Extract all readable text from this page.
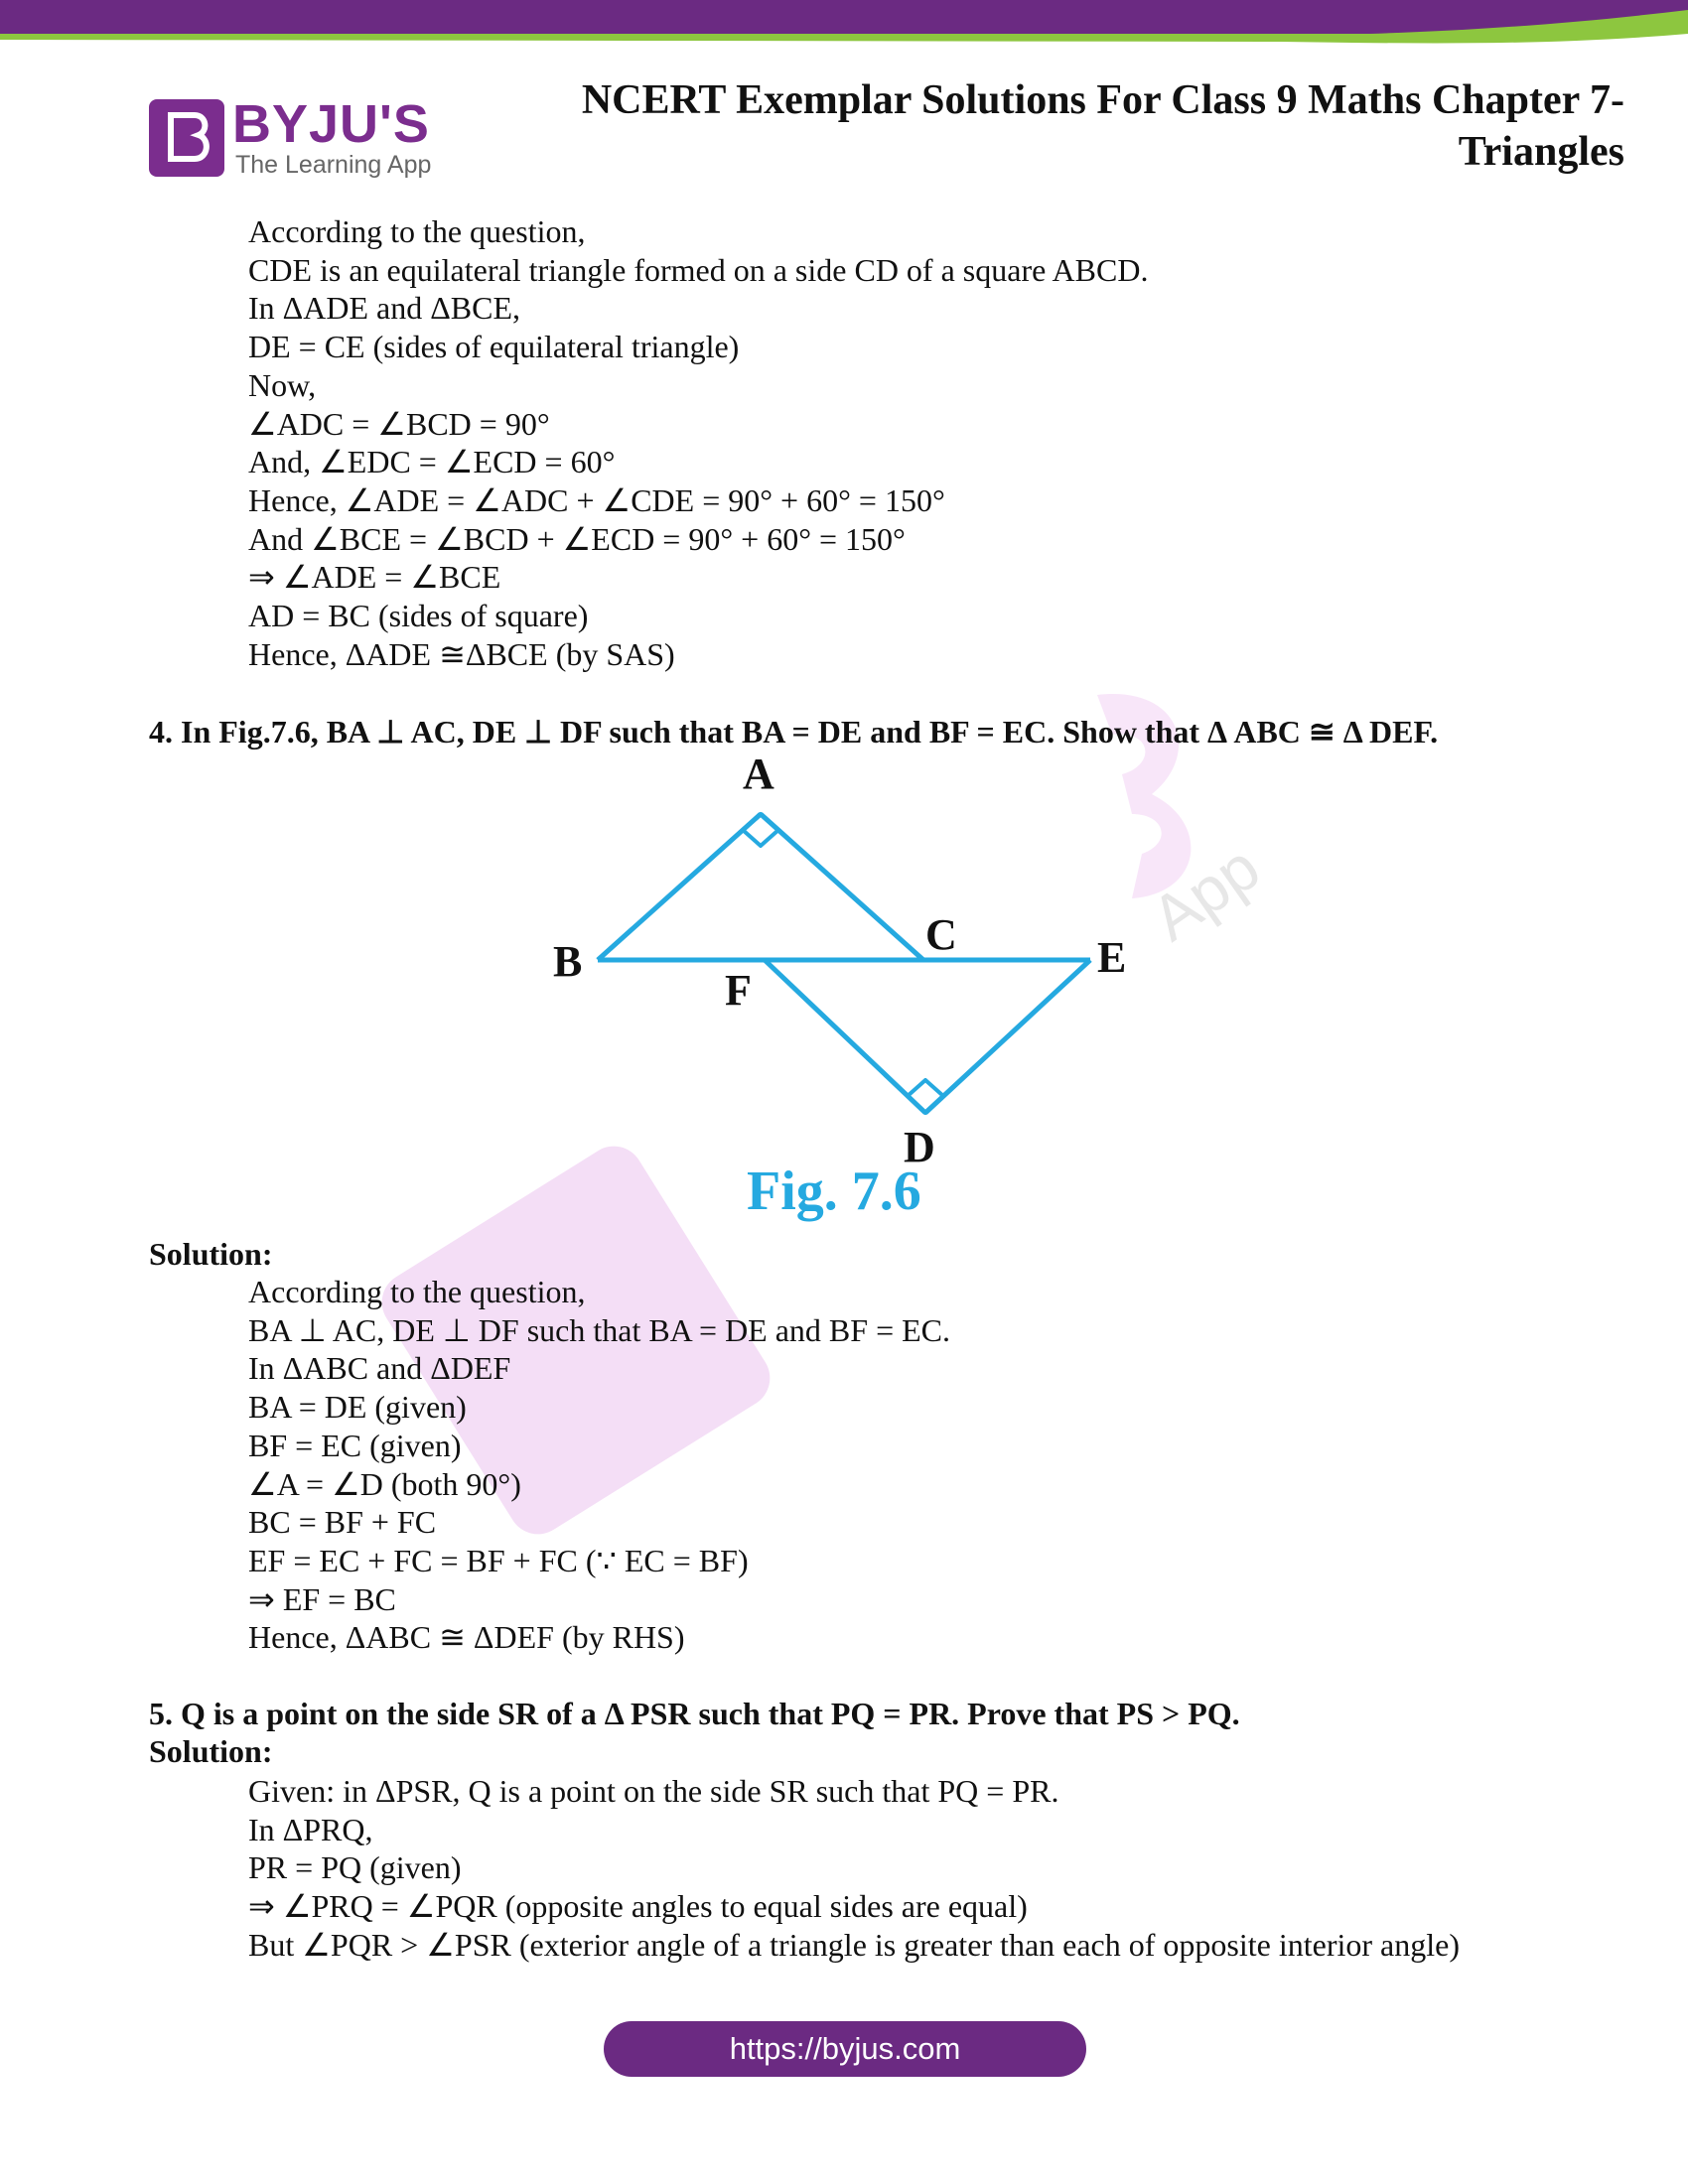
App
BYJU'S
The Learning App
NCERT Exemplar Solutions For Class 9 Maths Chapter 7-
Triangles
According to the question,
CDE is an equilateral triangle formed on a side CD of a square ABCD.
In ΔADE and ΔBCE,
DE = CE (sides of equilateral triangle)
Now,
∠ADC = ∠BCD = 90°
And, ∠EDC = ∠ECD = 60°
Hence, ∠ADE = ∠ADC + ∠CDE = 90° + 60° = 150°
And ∠BCE = ∠BCD + ∠ECD = 90° + 60° = 150°
⇒ ∠ADE = ∠BCE
AD = BC (sides of square)
Hence, ΔADE ≅ΔBCE (by SAS)
4. In Fig.7.6, BA ⊥ AC, DE ⊥ DF such that BA = DE and BF = EC. Show that Δ ABC ≅ Δ DEF.
A
B
C	E
F
D
Fig. 7.6
Solution:
According to the question,
BA ⊥ AC, DE ⊥ DF such that BA = DE and BF = EC.
In ΔABC and ΔDEF
BA = DE (given)
BF = EC (given)
∠A = ∠D (both 90°)
BC = BF + FC
EF = EC + FC = BF + FC (∵ EC = BF)
⇒ EF = BC
Hence, ΔABC ≅ ΔDEF (by RHS)
5. Q is a point on the side SR of a Δ PSR such that PQ = PR. Prove that PS > PQ.
Solution:
Given: in ΔPSR, Q is a point on the side SR such that PQ = PR.
In ΔPRQ,
PR = PQ (given)
⇒ ∠PRQ = ∠PQR (opposite angles to equal sides are equal)
But ∠PQR > ∠PSR (exterior angle of a triangle is greater than each of opposite interior angle)
https://byjus.com
